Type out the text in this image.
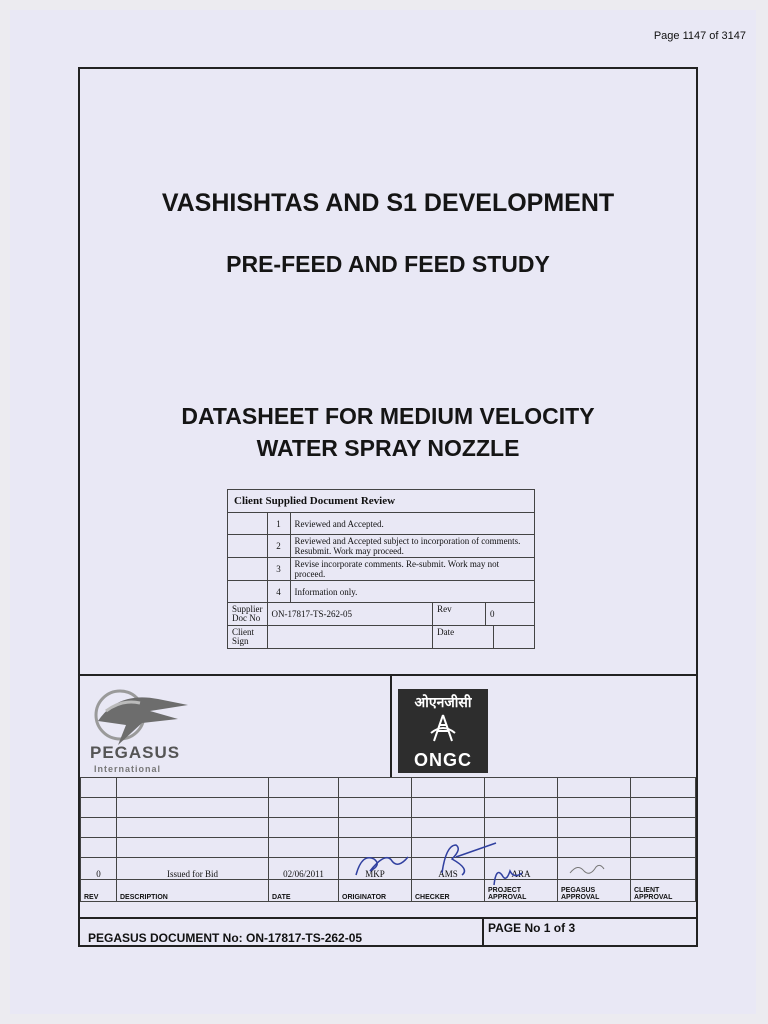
Page 1147 of 3147
VASHISHTAS AND S1 DEVELOPMENT
PRE-FEED AND FEED STUDY
DATASHEET FOR MEDIUM VELOCITY
WATER SPRAY NOZZLE
Client Supplied Document Review			
	1	Reviewed and Accepted.	
	2	Reviewed and Accepted subject to incorporation of comments. Resubmit. Work may proceed.	
	3	Revise incorporate comments. Re-submit. Work may not proceed.	
	4	Information only.	
Supplier Doc No	ON-17817-TS-262-05		Rev 0

Client Sign			Date
PEGASUS
International
ओएनजीसी
ONGC

0	Issued for Bid	02/06/2011	MKP	AMS	ARA		
REV	DESCRIPTION	DATE	ORIGINATOR	CHECKER	PROJECT APPROVAL	PEGASUS APPROVAL	CLIENT APPROVAL
PEGASUS DOCUMENT No: ON-17817-TS-262-05
PAGE No 1 of 3
